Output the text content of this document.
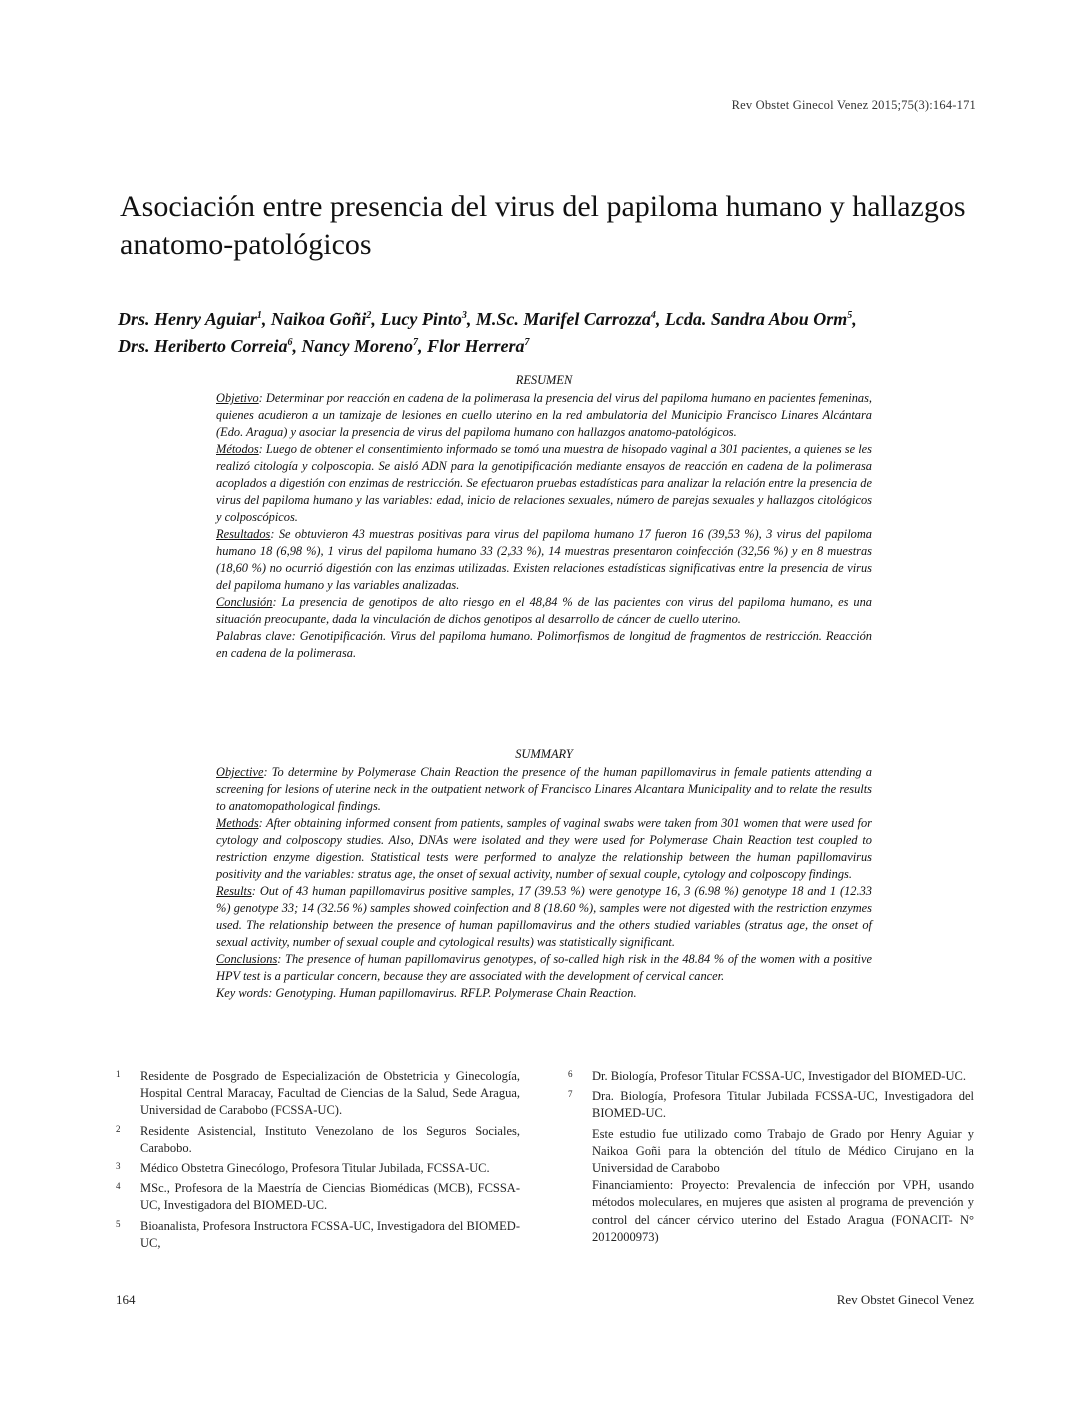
Rev Obstet Ginecol Venez 2015;75(3):164-171
Asociación entre presencia del virus del papiloma humano y hallazgos anatomo-patológicos
Drs. Henry Aguiar$^1$, Naikoa Goñi$^2$, Lucy Pinto$^3$, M.Sc. Marifel Carrozza$^4$, Lcda. Sandra Abou Orm$^5$,
Drs. Heriberto Correia$^6$, Nancy Moreno$^7$, Flor Herrera$^7$
RESUMEN

Objetivo: Determinar por reacción en cadena de la polimerasa la presencia del virus del papiloma humano en pacientes femeninas, quienes acudieron a un tamizaje de lesiones en cuello uterino en la red ambulatoria del Municipio Francisco Linares Alcántara (Edo. Aragua) y asociar la presencia de virus del papiloma humano con hallazgos anatomo-patológicos.

Métodos: Luego de obtener el consentimiento informado se tomó una muestra de hisopado vaginal a 301 pacientes, a quienes se les realizó citología y colposcopia. Se aisló ADN para la genotipificación mediante ensayos de reacción en cadena de la polimerasa acoplados a digestión con enzimas de restricción. Se efectuaron pruebas estadísticas para analizar la relación entre la presencia de virus del papiloma humano y las variables: edad, inicio de relaciones sexuales, número de parejas sexuales y hallazgos citológicos y colposcópicos.

Resultados: Se obtuvieron 43 muestras positivas para virus del papiloma humano 17 fueron 16 (39,53 %), 3 virus del papiloma humano 18 (6,98 %), 1 virus del papiloma humano 33 (2,33 %), 14 muestras presentaron coinfección (32,56 %) y en 8 muestras (18,60 %) no ocurrió digestión con las enzimas utilizadas. Existen relaciones estadísticas significativas entre la presencia de virus del papiloma humano y las variables analizadas.

Conclusión: La presencia de genotipos de alto riesgo en el 48,84 % de las pacientes con virus del papiloma humano, es una situación preocupante, dada la vinculación de dichos genotipos al desarrollo de cáncer de cuello uterino.

Palabras clave: Genotipificación. Virus del papiloma humano. Polimorfismos de longitud de fragmentos de restricción. Reacción en cadena de la polimerasa.

SUMMARY

Objective: To determine by Polymerase Chain Reaction the presence of the human papillomavirus in female patients attending a screening for lesions of uterine neck in the outpatient network of Francisco Linares Alcantara Municipality and to relate the results to anatomopathological findings.

Methods: After obtaining informed consent from patients, samples of vaginal swabs were taken from 301 women that were used for cytology and colposcopy studies. Also, DNAs were isolated and they were used for Polymerase Chain Reaction test coupled to restriction enzyme digestion. Statistical tests were performed to analyze the relationship between the human papillomavirus positivity and the variables: stratus age, the onset of sexual activity, number of sexual couple, cytology and colposcopy findings.

Results: Out of 43 human papillomavirus positive samples, 17 (39.53 %) were genotype 16, 3 (6.98 %) genotype 18 and 1 (12.33 %) genotype 33; 14 (32.56 %) samples showed coinfection and 8 (18.60 %), samples were not digested with the restriction enzymes used. The relationship between the presence of human papillomavirus and the others studied variables (stratus age, the onset of sexual activity, number of sexual couple and cytological results) was statistically significant.

Conclusions: The presence of human papillomavirus genotypes, of so-called high risk in the 48.84 % of the women with a positive HPV test is a particular concern, because they are associated with the development of cervical cancer.

Key words: Genotyping. Human papillomavirus. RFLP. Polymerase Chain Reaction.

1 Residente de Posgrado de Especialización de Obstetricia y Ginecología, Hospital Central Maracay, Facultad de Ciencias de la Salud, Sede Aragua, Universidad de Carabobo (FCSSA-UC).
2 Residente Asistencial, Instituto Venezolano de los Seguros Sociales, Carabobo.
3 Médico Obstetra Ginecólogo, Profesora Titular Jubilada, FCSSA-UC.
4 MSc., Profesora de la Maestría de Ciencias Biomédicas (MCB), FCSSA-UC, Investigadora del BIOMED-UC.
5 Bioanalista, Profesora Instructora FCSSA-UC, Investigadora del BIOMED-UC,
6 Dr. Biología, Profesor Titular FCSSA-UC, Investigador del BIOMED-UC.
7 Dra. Biología, Profesora Titular Jubilada FCSSA-UC, Investigadora del BIOMED-UC.

Este estudio fue utilizado como Trabajo de Grado por Henry Aguiar y Naikoa Goñi para la obtención del título de Médico Cirujano en la Universidad de Carabobo

Financiamiento: Proyecto: Prevalencia de infección por VPH, usando métodos moleculares, en mujeres que asisten al programa de prevención y control del cáncer cérvico uterino del Estado Aragua (FONACIT- N° 2012000973)

164	Rev Obstet Ginecol Venez
